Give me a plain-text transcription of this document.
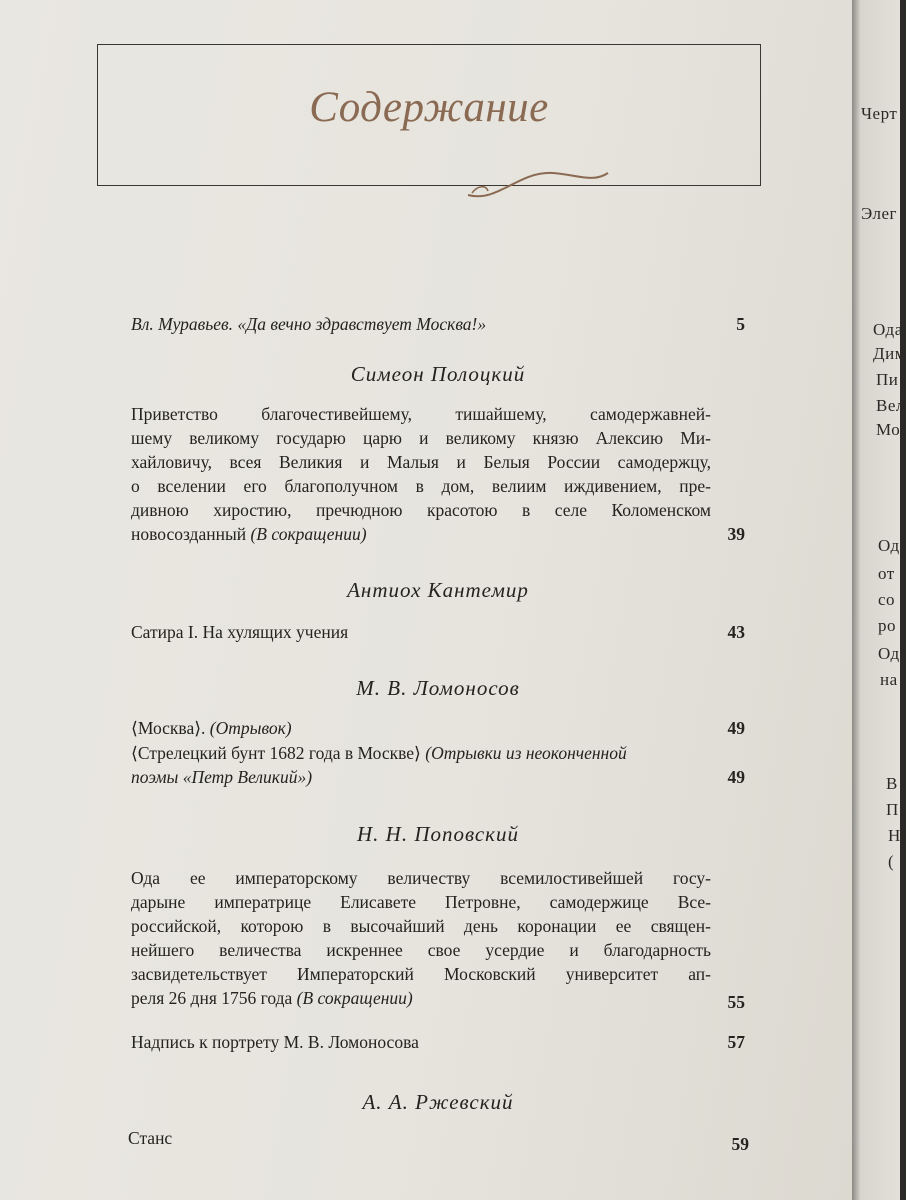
Содержание
Вл. Муравьев. «Да вечно здравствует Москва!»	5
Симеон Полоцкий
Приветство благочестивейшему, тишайшему, самодержавней-
шему великому государю царю и великому князю Алексию Ми-
хайловичу, всея Великия и Малыя и Белыя России самодержцу,
о вселении его благополучном в дом, велиим иждивением, пре-
дивною хиростию, пречюдною красотою в селе Коломенском
новосозданный (В сокращении)	39
Антиох Кантемир
Сатира I. На хулящих учения	43
М. В. Ломоносов
⟨Москва⟩. (Отрывок)	49
⟨Стрелецкий бунт 1682 года в Москве⟩ (Отрывки из неоконченной
поэмы «Петр Великий»)	49
Н. Н. Поповский
Ода ее императорскому величеству всемилостивейшей госу-
дарыне императрице Елисавете Петровне, самодержице Все-
российской, которою в высочайший день коронации ее священ-
нейшего величества искреннее свое усердие и благодарность
засвидетельствует Императорский Московский университет ап-
реля 26 дня 1756 года (В сокращении)	55
Надпись к портрету М. В. Ломоносова	57
А. А. Ржевский
Станс	59
Черт
Элег
Ода
Дим
Пи
Вел
Мо
Од
от
со
ро
Од
на
В
П
Н
(
